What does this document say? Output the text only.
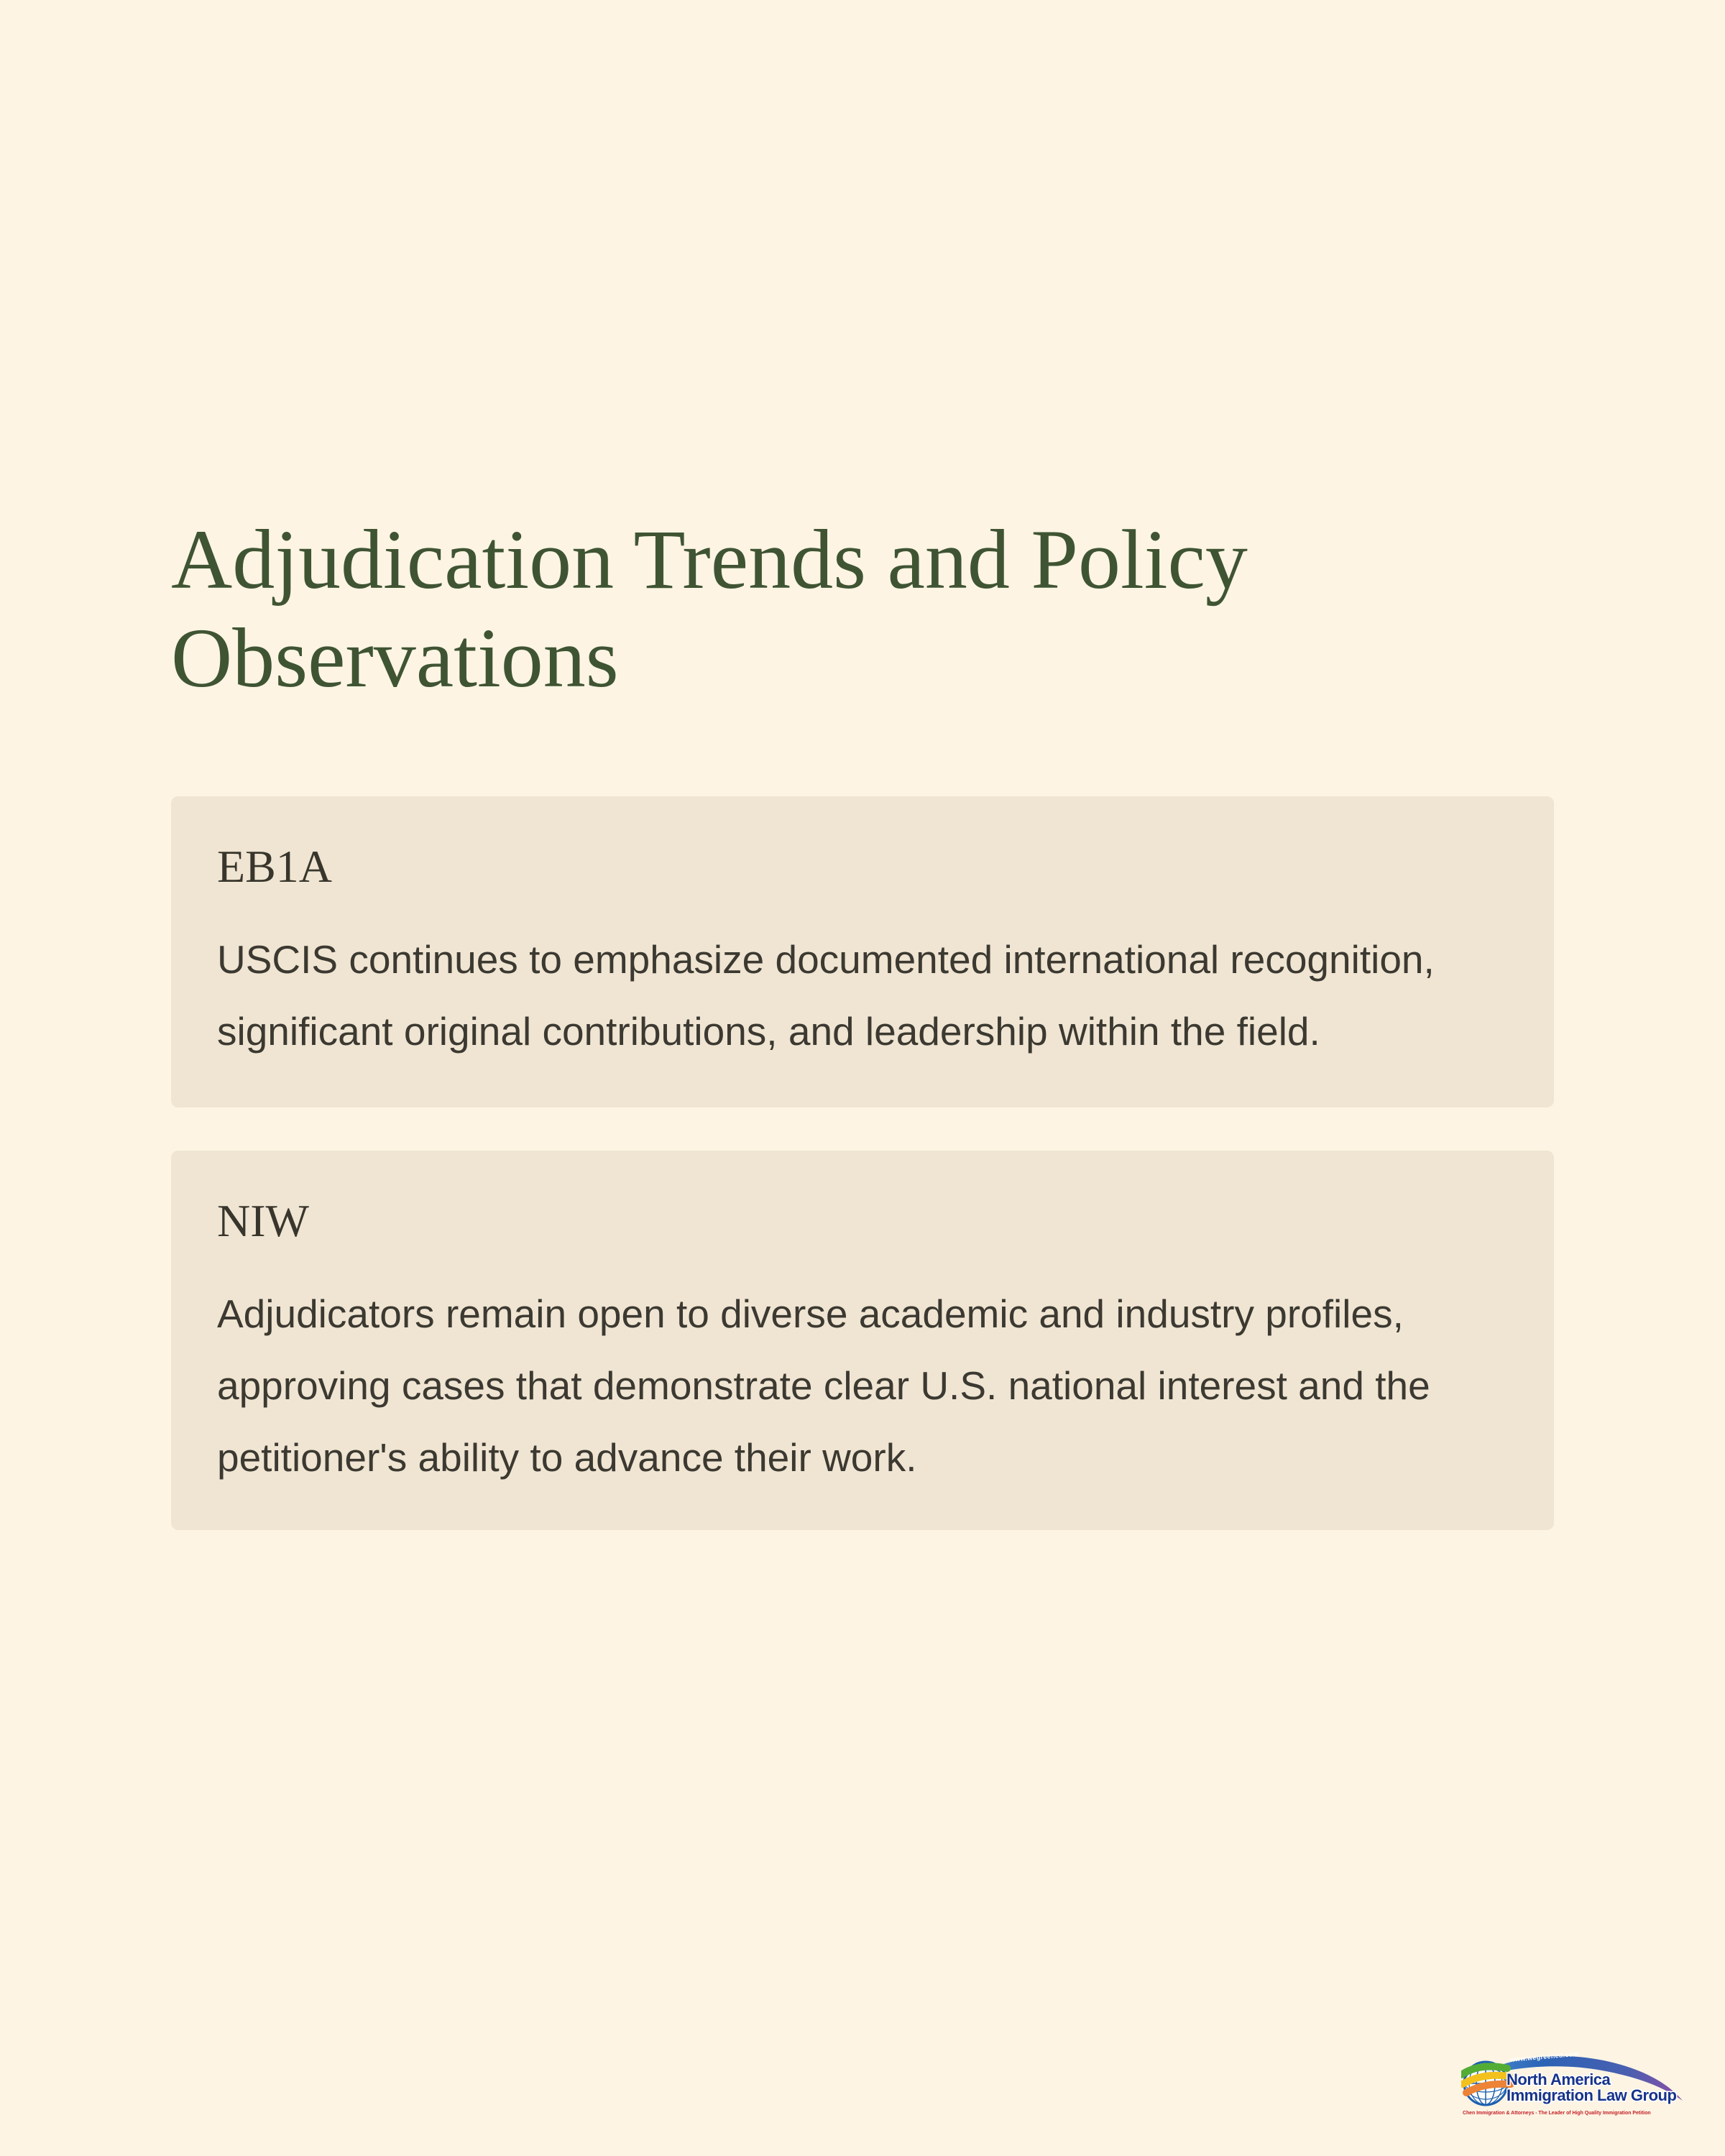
Adjudication Trends and Policy
Observations
EB1A

USCIS continues to emphasize documented international recognition,
significant original contributions, and leadership within the field.

NIW

Adjudicators remain open to diverse academic and industry profiles,
approving cases that demonstrate clear U.S. national interest and the
petitioner's ability to advance their work.

www.wegreened.com
North America
Immigration Law Group
Chen Immigration & Attorneys - The Leader of High Quality Immigration Petition
